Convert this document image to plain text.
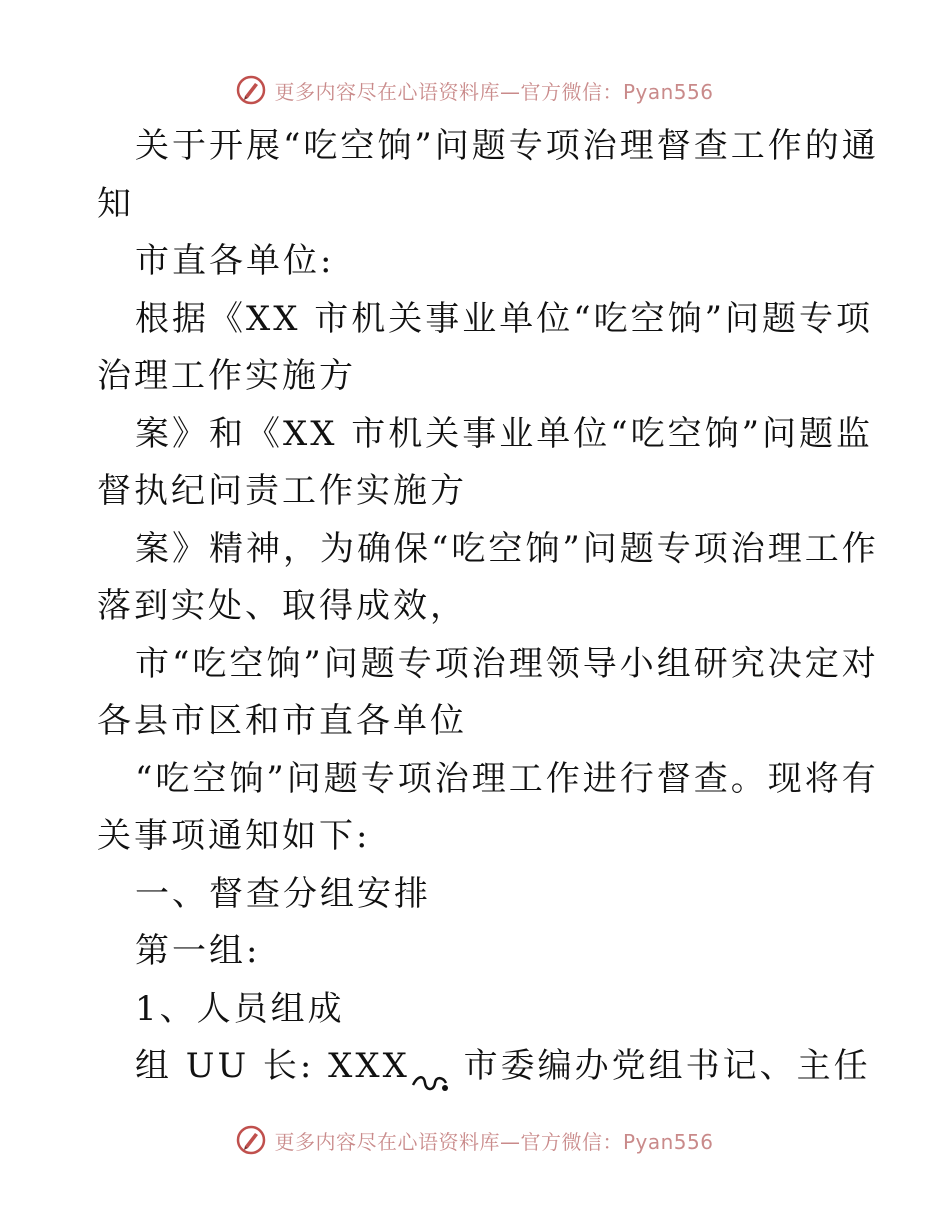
更多内容尽在心语资料库—官方微信：Pyan556
关于开展“吃空饷”问题专项治理督查工作的通
知
市直各单位:
根据《XX 市机关事业单位“吃空饷”问题专项
治理工作实施方
案》和《XX 市机关事业单位“吃空饷”问题监
督执纪问责工作实施方
案》精神，为确保“吃空饷”问题专项治理工作
落到实处、取得成效，
市“吃空饷”问题专项治理领导小组研究决定对
各县市区和市直各单位
“吃空饷”问题专项治理工作进行督查。现将有
关事项通知如下:
一、督查分组安排
第一组:
1、人员组成
组 UU 长: XXX 市委编办党组书记、主任
更多内容尽在心语资料库—官方微信：Pyan556
